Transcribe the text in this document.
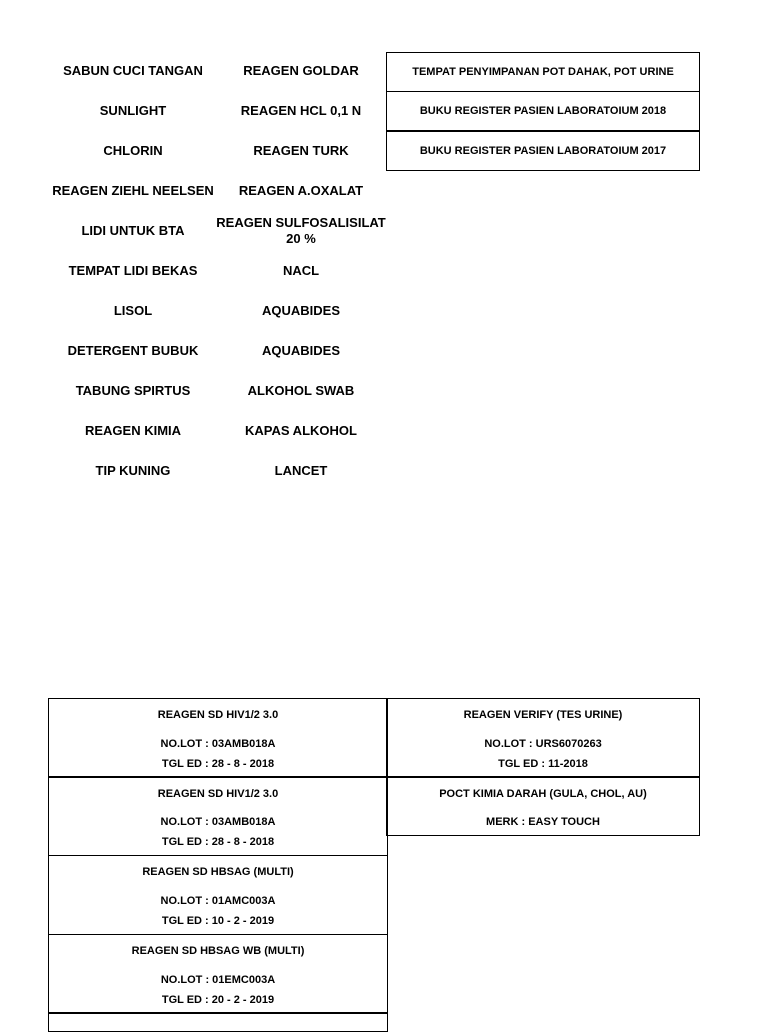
SABUN CUCI TANGAN
SUNLIGHT
CHLORIN
REAGEN ZIEHL NEELSEN
LIDI UNTUK BTA
TEMPAT LIDI BEKAS
LISOL
DETERGENT BUBUK
TABUNG SPIRTUS
REAGEN KIMIA
TIP KUNING
REAGEN GOLDAR
REAGEN HCL 0,1 N
REAGEN TURK
REAGEN A.OXALAT
REAGEN SULFOSALISILAT
20 %
NACL
AQUABIDES
AQUABIDES
ALKOHOL SWAB
KAPAS ALKOHOL
LANCET
TEMPAT PENYIMPANAN POT DAHAK, POT URINE
BUKU REGISTER PASIEN LABORATOIUM 2018
BUKU REGISTER PASIEN LABORATOIUM 2017
REAGEN SD HIV1/2 3.0
NO.LOT : 03AMB018A
TGL ED : 28 - 8 - 2018
REAGEN SD HIV1/2 3.0
NO.LOT : 03AMB018A
TGL ED : 28 - 8 - 2018
REAGEN SD HBSAG (MULTI)
NO.LOT : 01AMC003A
TGL ED : 10 - 2 - 2019
REAGEN SD HBSAG WB (MULTI)
NO.LOT : 01EMC003A
TGL ED : 20 - 2 - 2019
REAGEN VERIFY (TES URINE)
NO.LOT : URS6070263
TGL ED : 11-2018
POCT KIMIA DARAH (GULA, CHOL, AU)
MERK : EASY TOUCH
